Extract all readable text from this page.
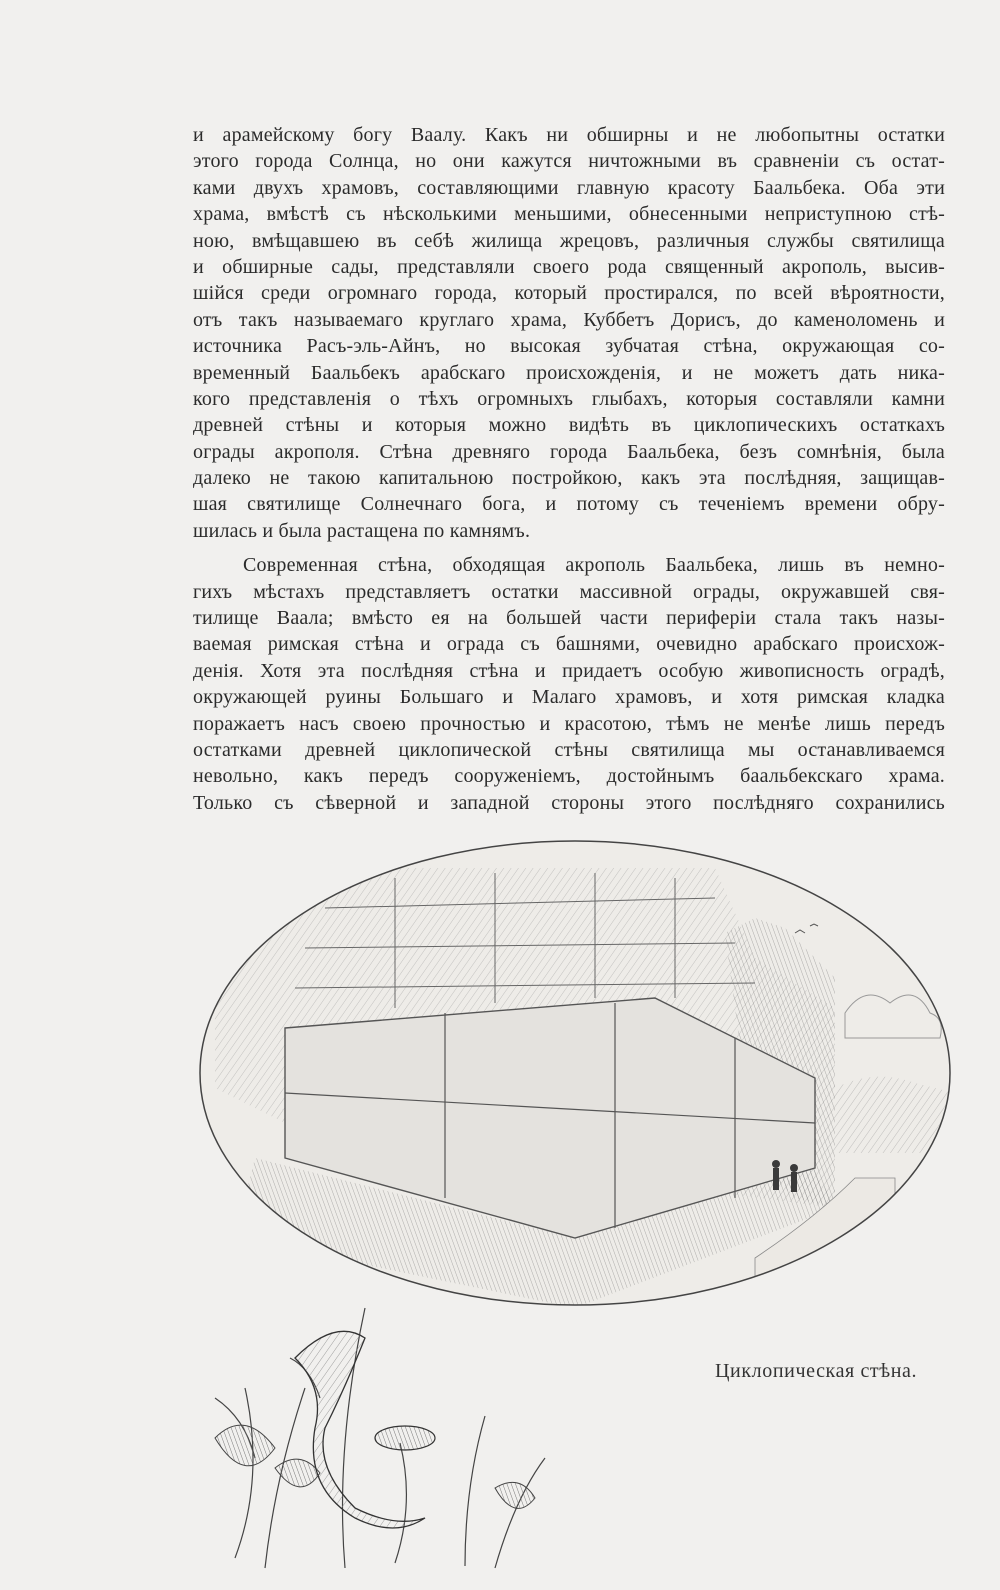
и арамейскому богу Ваалу. Какъ ни обширны и не любопытны остатки
этого города Солнца, но они кажутся ничтожными въ сравненіи съ остат-
ками двухъ храмовъ, составляющими главную красоту Баальбека. Оба эти
храма, вмѣстѣ съ нѣсколькими меньшими, обнесенными неприступною стѣ-
ною, вмѣщавшею въ себѣ жилища жрецовъ, различныя службы святилища
и обширные сады, представляли своего рода священный акрополь, высив-
шійся среди огромнаго города, который простирался, по всей вѣроятности,
отъ такъ называемаго круглаго храма, Куббетъ Дорисъ, до каменоломень и
источника Расъ-эль-Айнъ, но высокая зубчатая стѣна, окружающая со-
временный Баальбекъ арабскаго происхожденія, и не можетъ дать ника-
кого представленія о тѣхъ огромныхъ глыбахъ, которыя составляли камни
древней стѣны и которыя можно видѣть въ циклопическихъ остаткахъ
ограды акрополя. Стѣна древняго города Баальбека, безъ сомнѣнія, была
далеко не такою капитальною постройкою, какъ эта послѣдняя, защищав-
шая святилище Солнечнаго бога, и потому съ теченіемъ времени обру-
шилась и была растащена по камнямъ.
Современная стѣна, обходящая акрополь Баальбека, лишь въ немно-
гихъ мѣстахъ представляетъ остатки массивной ограды, окружавшей свя-
тилище Ваала; вмѣсто ея на большей части периферіи стала такъ назы-
ваемая римская стѣна и ограда съ башнями, очевидно арабскаго происхож-
денія. Хотя эта послѣдняя стѣна и придаетъ особую живописность оградѣ,
окружающей руины Большаго и Малаго храмовъ, и хотя римская кладка
поражаетъ насъ своею прочностью и красотою, тѣмъ не менѣе лишь передъ
остатками древней циклопической стѣны святилища мы останавливаемся
невольно, какъ передъ сооруженіемъ, достойнымъ баальбекскаго храма.
Только съ сѣверной и западной стороны этого послѣдняго сохранились
Циклопическая стѣна.
